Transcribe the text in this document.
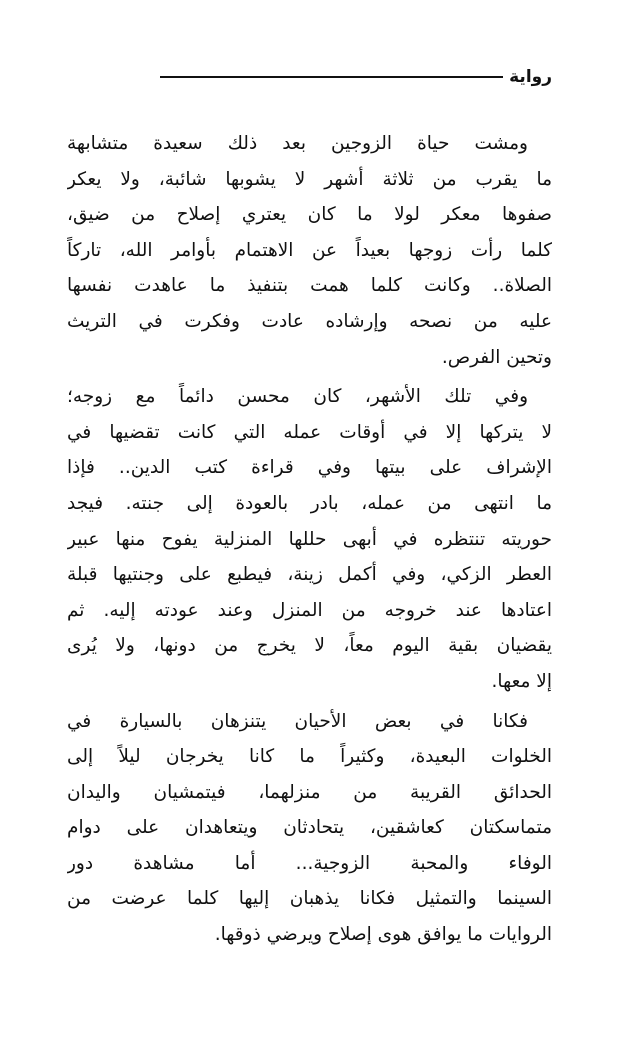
رواية

ومشت حياة الزوجين بعد ذلك سعيدة متشابهة
ما يقرب من ثلاثة أشهر لا يشوبها شائبة، ولا يعكر
صفوها معكر لولا ما كان يعتري إصلاح من ضيق،
كلما رأت زوجها بعيداً عن الاهتمام بأوامر الله، تاركاً
الصلاة.. وكانت كلما همت بتنفيذ ما عاهدت نفسها
عليه من نصحه وإرشاده عادت وفكرت في التريث
وتحين الفرص.

وفي تلك الأشهر، كان محسن دائماً مع زوجه؛
لا يتركها إلا في أوقات عمله التي كانت تقضيها في
الإشراف على بيتها وفي قراءة كتب الدين.. فإذا
ما انتهى من عمله، بادر بالعودة إلى جنته. فيجد
حوريته تنتظره في أبهى حللها المنزلية يفوح منها عبير
العطر الزكي، وفي أكمل زينة، فيطبع على وجنتيها قبلة
اعتادها عند خروجه من المنزل وعند عودته إليه. ثم
يقضيان بقية اليوم معاً، لا يخرج من دونها، ولا يُرى
إلا معها.

فكانا في بعض الأحيان يتنزهان بالسيارة في
الخلوات البعيدة، وكثيراً ما كانا يخرجان ليلاً إلى
الحدائق القريبة من منزلهما، فيتمشيان واليدان
متماسكتان كعاشقين، يتحادثان ويتعاهدان على دوام
الوفاء والمحبة الزوجية... أما مشاهدة دور
السينما والتمثيل فكانا يذهبان إليها كلما عرضت من
الروايات ما يوافق هوى إصلاح ويرضي ذوقها.
